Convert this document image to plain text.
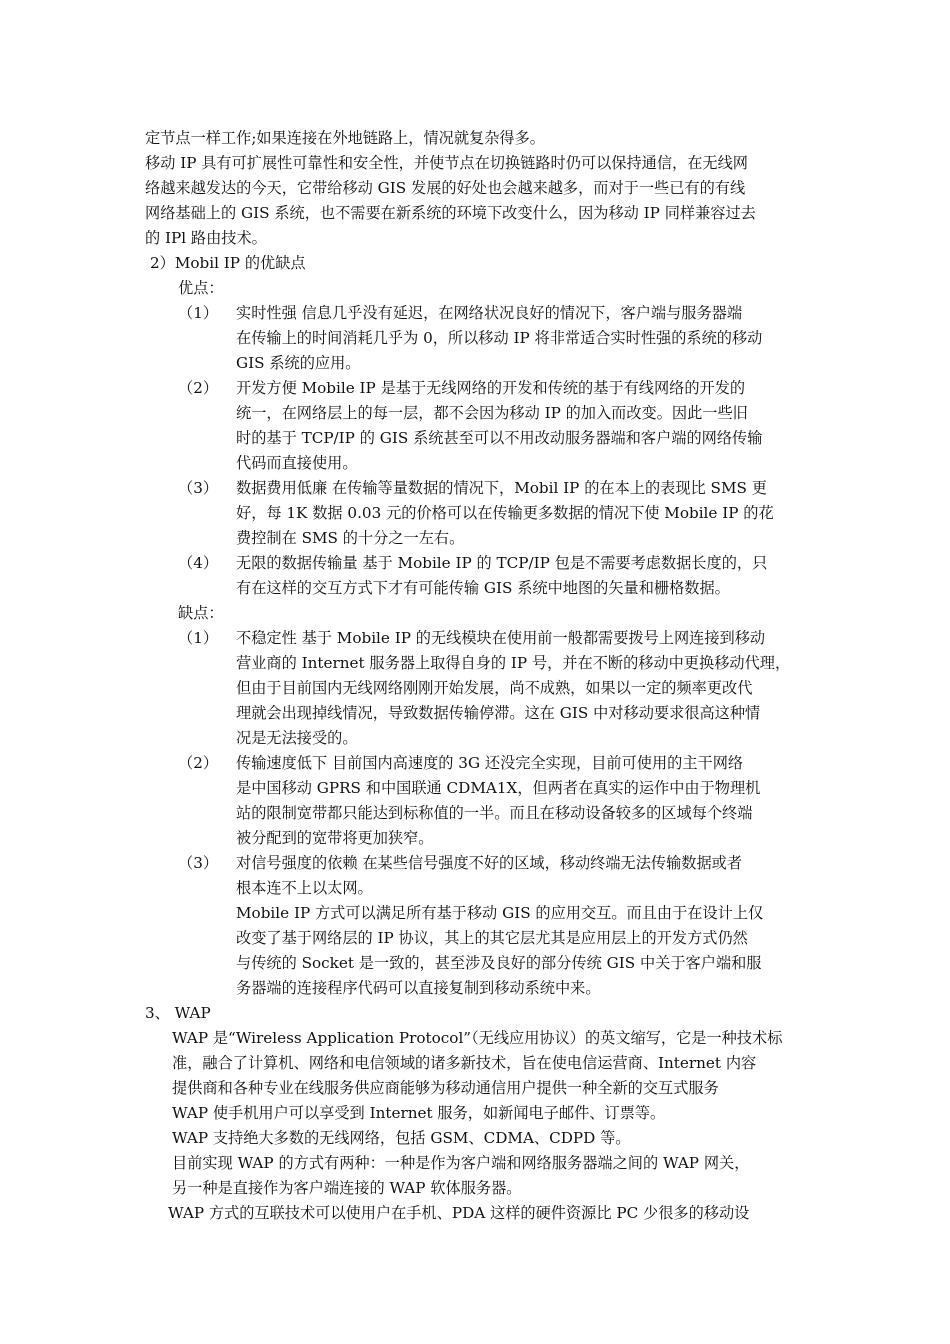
定节点一样工作;如果连接在外地链路上，情况就复杂得多。
移动 IP 具有可扩展性可靠性和安全性，并使节点在切换链路时仍可以保持通信，在无线网
络越来越发达的今天，它带给移动 GIS 发展的好处也会越来越多，而对于一些已有的有线
网络基础上的 GIS 系统，也不需要在新系统的环境下改变什么，因为移动 IP 同样兼容过去
的 IPl 路由技术。
2）Mobil IP 的优缺点
优点：
（1）	实时性强 信息几乎没有延迟，在网络状况良好的情况下，客户端与服务器端
在传输上的时间消耗几乎为 0，所以移动 IP 将非常适合实时性强的系统的移动
GIS 系统的应用。
（2）	开发方便 Mobile IP 是基于无线网络的开发和传统的基于有线网络的开发的
统一，在网络层上的每一层，都不会因为移动 IP 的加入而改变。因此一些旧
时的基于 TCP/IP 的 GIS 系统甚至可以不用改动服务器端和客户端的网络传输
代码而直接使用。
（3）	数据费用低廉 在传输等量数据的情况下，Mobil IP 的在本上的表现比 SMS 更
好，每 1K 数据 0.03 元的价格可以在传输更多数据的情况下使 Mobile IP 的花
费控制在 SMS 的十分之一左右。
（4）	无限的数据传输量 基于 Mobile IP 的 TCP/IP 包是不需要考虑数据长度的，只
有在这样的交互方式下才有可能传输 GIS 系统中地图的矢量和栅格数据。
缺点：
（1）	不稳定性 基于 Mobile IP 的无线模块在使用前一般都需要拨号上网连接到移动
营业商的 Internet 服务器上取得自身的 IP 号，并在不断的移动中更换移动代理，
但由于目前国内无线网络刚刚开始发展，尚不成熟，如果以一定的频率更改代
理就会出现掉线情况，导致数据传输停滞。这在 GIS 中对移动要求很高这种情
况是无法接受的。
（2）	传输速度低下 目前国内高速度的 3G 还没完全实现，目前可使用的主干网络
是中国移动 GPRS 和中国联通 CDMA1X，但两者在真实的运作中由于物理机
站的限制宽带都只能达到标称值的一半。而且在移动设备较多的区域每个终端
被分配到的宽带将更加狭窄。
（3）	对信号强度的依赖 在某些信号强度不好的区域，移动终端无法传输数据或者
根本连不上以太网。
Mobile IP 方式可以满足所有基于移动 GIS 的应用交互。而且由于在设计上仅
改变了基于网络层的 IP 协议，其上的其它层尤其是应用层上的开发方式仍然
与传统的 Socket 是一致的，甚至涉及良好的部分传统 GIS 中关于客户端和服
务器端的连接程序代码可以直接复制到移动系统中来。
3、 WAP
WAP 是“Wireless Application Protocol”（无线应用协议）的英文缩写，它是一种技术标
准，融合了计算机、网络和电信领域的诸多新技术，旨在使电信运营商、Internet 内容
提供商和各种专业在线服务供应商能够为移动通信用户提供一种全新的交互式服务
WAP 使手机用户可以享受到 Internet 服务，如新闻电子邮件、订票等。
WAP 支持绝大多数的无线网络，包括 GSM、CDMA、CDPD 等。
目前实现 WAP 的方式有两种：一种是作为客户端和网络服务器端之间的 WAP 网关，
另一种是直接作为客户端连接的 WAP 软体服务器。
WAP 方式的互联技术可以使用户在手机、PDA 这样的硬件资源比 PC 少很多的移动设
